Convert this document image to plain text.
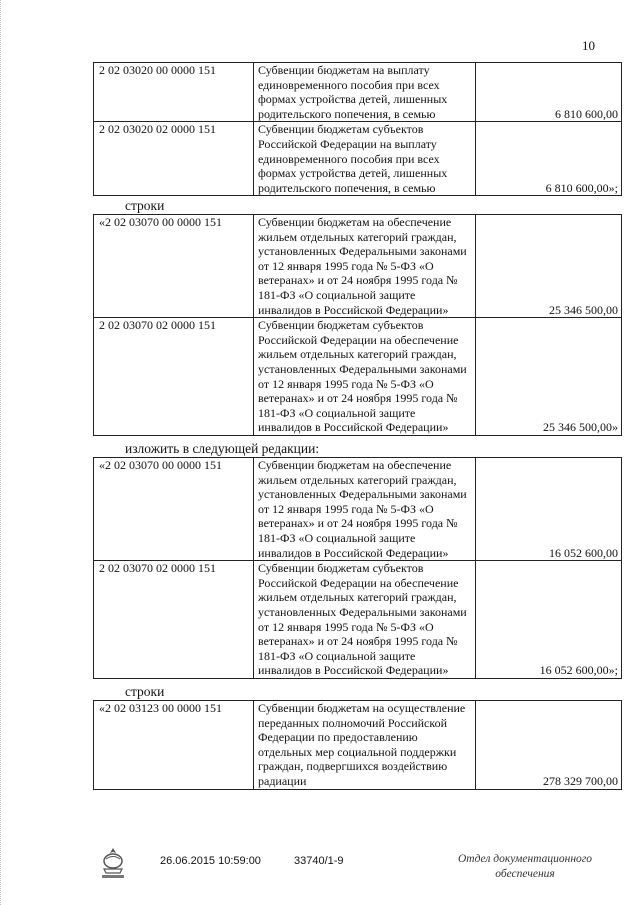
10
2 02 03020 00 0000 151	Субвенции бюджетам на выплату единовременного пособия при всех формах устройства детей, лишенных родительского попечения, в семью	6 810 600,00
2 02 03020 02 0000 151	Субвенции бюджетам субъектов Российской Федерации на выплату единовременного пособия при всех формах устройства детей, лишенных родительского попечения, в семью	6 810 600,00»;
строки
«2 02 03070 00 0000 151	Субвенции бюджетам на обеспечение жильем отдельных категорий граждан, установленных Федеральными законами от 12 января 1995 года № 5-ФЗ «О ветеранах» и от 24 ноября 1995 года № 181-ФЗ «О социальной защите инвалидов в Российской Федерации»	25 346 500,00
2 02 03070 02 0000 151	Субвенции бюджетам субъектов Российской Федерации на обеспечение жильем отдельных категорий граждан, установленных Федеральными законами от 12 января 1995 года № 5-ФЗ «О ветеранах» и от 24 ноября 1995 года № 181-ФЗ «О социальной защите инвалидов в Российской Федерации»	25 346 500,00»
изложить в следующей редакции:
«2 02 03070 00 0000 151	Субвенции бюджетам на обеспечение жильем отдельных категорий граждан, установленных Федеральными законами от 12 января 1995 года № 5-ФЗ «О ветеранах» и от 24 ноября 1995 года № 181-ФЗ «О социальной защите инвалидов в Российской Федерации»	16 052 600,00
2 02 03070 02 0000 151	Субвенции бюджетам субъектов Российской Федерации на обеспечение жильем отдельных категорий граждан, установленных Федеральными законами от 12 января 1995 года № 5-ФЗ «О ветеранах» и от 24 ноября 1995 года № 181-ФЗ «О социальной защите инвалидов в Российской Федерации»	16 052 600,00»;
строки
«2 02 03123 00 0000 151	Субвенции бюджетам на осуществление переданных полномочий Российской Федерации по предоставлению отдельных мер социальной поддержки граждан, подвергшихся воздействию радиации	278 329 700,00
26.06.2015 10:59:00	33740/1-9	Отдел документационного
обеспечения
